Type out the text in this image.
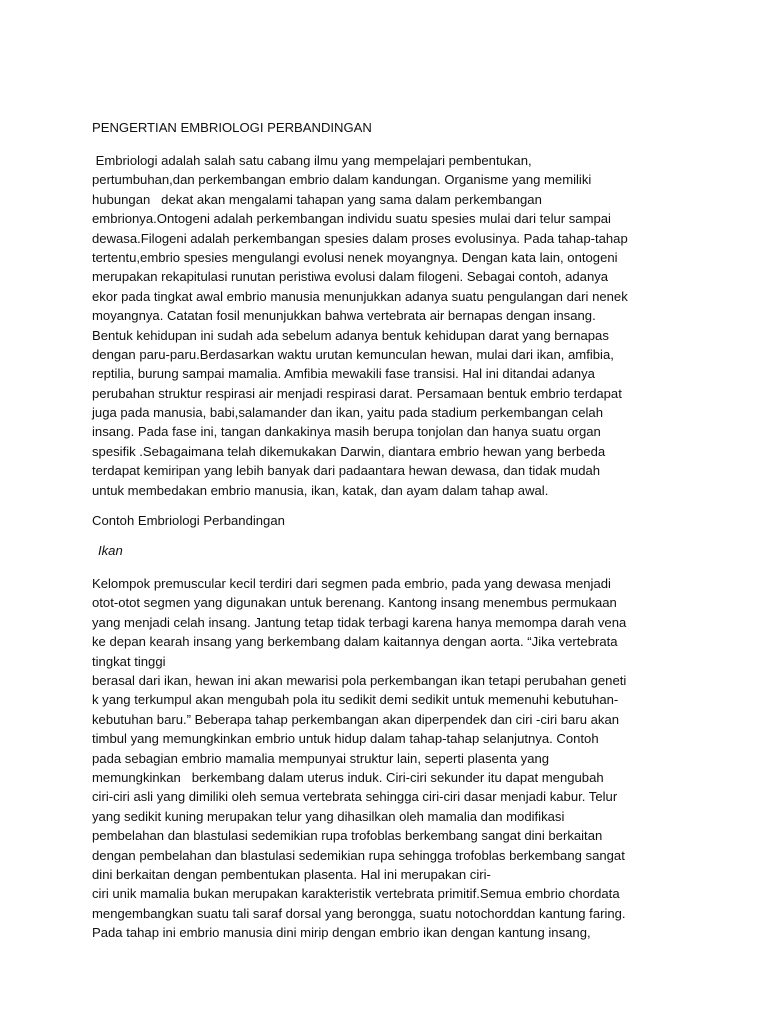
PENGERTIAN EMBRIOLOGI PERBANDINGAN
Embriologi adalah salah satu cabang ilmu yang mempelajari pembentukan,
pertumbuhan,dan perkembangan embrio dalam kandungan. Organisme yang memiliki
hubungan   dekat akan mengalami tahapan yang sama dalam perkembangan
embrionya.Ontogeni adalah perkembangan individu suatu spesies mulai dari telur sampai
dewasa.Filogeni adalah perkembangan spesies dalam proses evolusinya. Pada tahap-tahap
tertentu,embrio spesies mengulangi evolusi nenek moyangnya. Dengan kata lain, ontogeni
merupakan rekapitulasi runutan peristiwa evolusi dalam filogeni. Sebagai contoh, adanya
ekor pada tingkat awal embrio manusia menunjukkan adanya suatu pengulangan dari nenek
moyangnya. Catatan fosil menunjukkan bahwa vertebrata air bernapas dengan insang.
Bentuk kehidupan ini sudah ada sebelum adanya bentuk kehidupan darat yang bernapas
dengan paru-paru.Berdasarkan waktu urutan kemunculan hewan, mulai dari ikan, amfibia,
reptilia, burung sampai mamalia. Amfibia mewakili fase transisi. Hal ini ditandai adanya
perubahan struktur respirasi air menjadi respirasi darat. Persamaan bentuk embrio terdapat
juga pada manusia, babi,salamander dan ikan, yaitu pada stadium perkembangan celah
insang. Pada fase ini, tangan dankakinya masih berupa tonjolan dan hanya suatu organ
spesifik .Sebagaimana telah dikemukakan Darwin, diantara embrio hewan yang berbeda
terdapat kemiripan yang lebih banyak dari padaantara hewan dewasa, dan tidak mudah
untuk membedakan embrio manusia, ikan, katak, dan ayam dalam tahap awal.
Contoh Embriologi Perbandingan
Ikan
Kelompok premuscular kecil terdiri dari segmen pada embrio, pada yang dewasa menjadi
otot-otot segmen yang digunakan untuk berenang. Kantong insang menembus permukaan
yang menjadi celah insang. Jantung tetap tidak terbagi karena hanya memompa darah vena
ke depan kearah insang yang berkembang dalam kaitannya dengan aorta. “Jika vertebrata
tingkat tinggi
berasal dari ikan, hewan ini akan mewarisi pola perkembangan ikan tetapi perubahan geneti
k yang terkumpul akan mengubah pola itu sedikit demi sedikit untuk memenuhi kebutuhan-
kebutuhan baru.” Beberapa tahap perkembangan akan diperpendek dan ciri -ciri baru akan
timbul yang memungkinkan embrio untuk hidup dalam tahap-tahap selanjutnya. Contoh
pada sebagian embrio mamalia mempunyai struktur lain, seperti plasenta yang
memungkinkan   berkembang dalam uterus induk. Ciri-ciri sekunder itu dapat mengubah
ciri-ciri asli yang dimiliki oleh semua vertebrata sehingga ciri-ciri dasar menjadi kabur. Telur
yang sedikit kuning merupakan telur yang dihasilkan oleh mamalia dan modifikasi
pembelahan dan blastulasi sedemikian rupa trofoblas berkembang sangat dini berkaitan
dengan pembelahan dan blastulasi sedemikian rupa sehingga trofoblas berkembang sangat
dini berkaitan dengan pembentukan plasenta. Hal ini merupakan ciri-
ciri unik mamalia bukan merupakan karakteristik vertebrata primitif.Semua embrio chordata
mengembangkan suatu tali saraf dorsal yang berongga, suatu notochorddan kantung faring.
Pada tahap ini embrio manusia dini mirip dengan embrio ikan dengan kantung insang,
